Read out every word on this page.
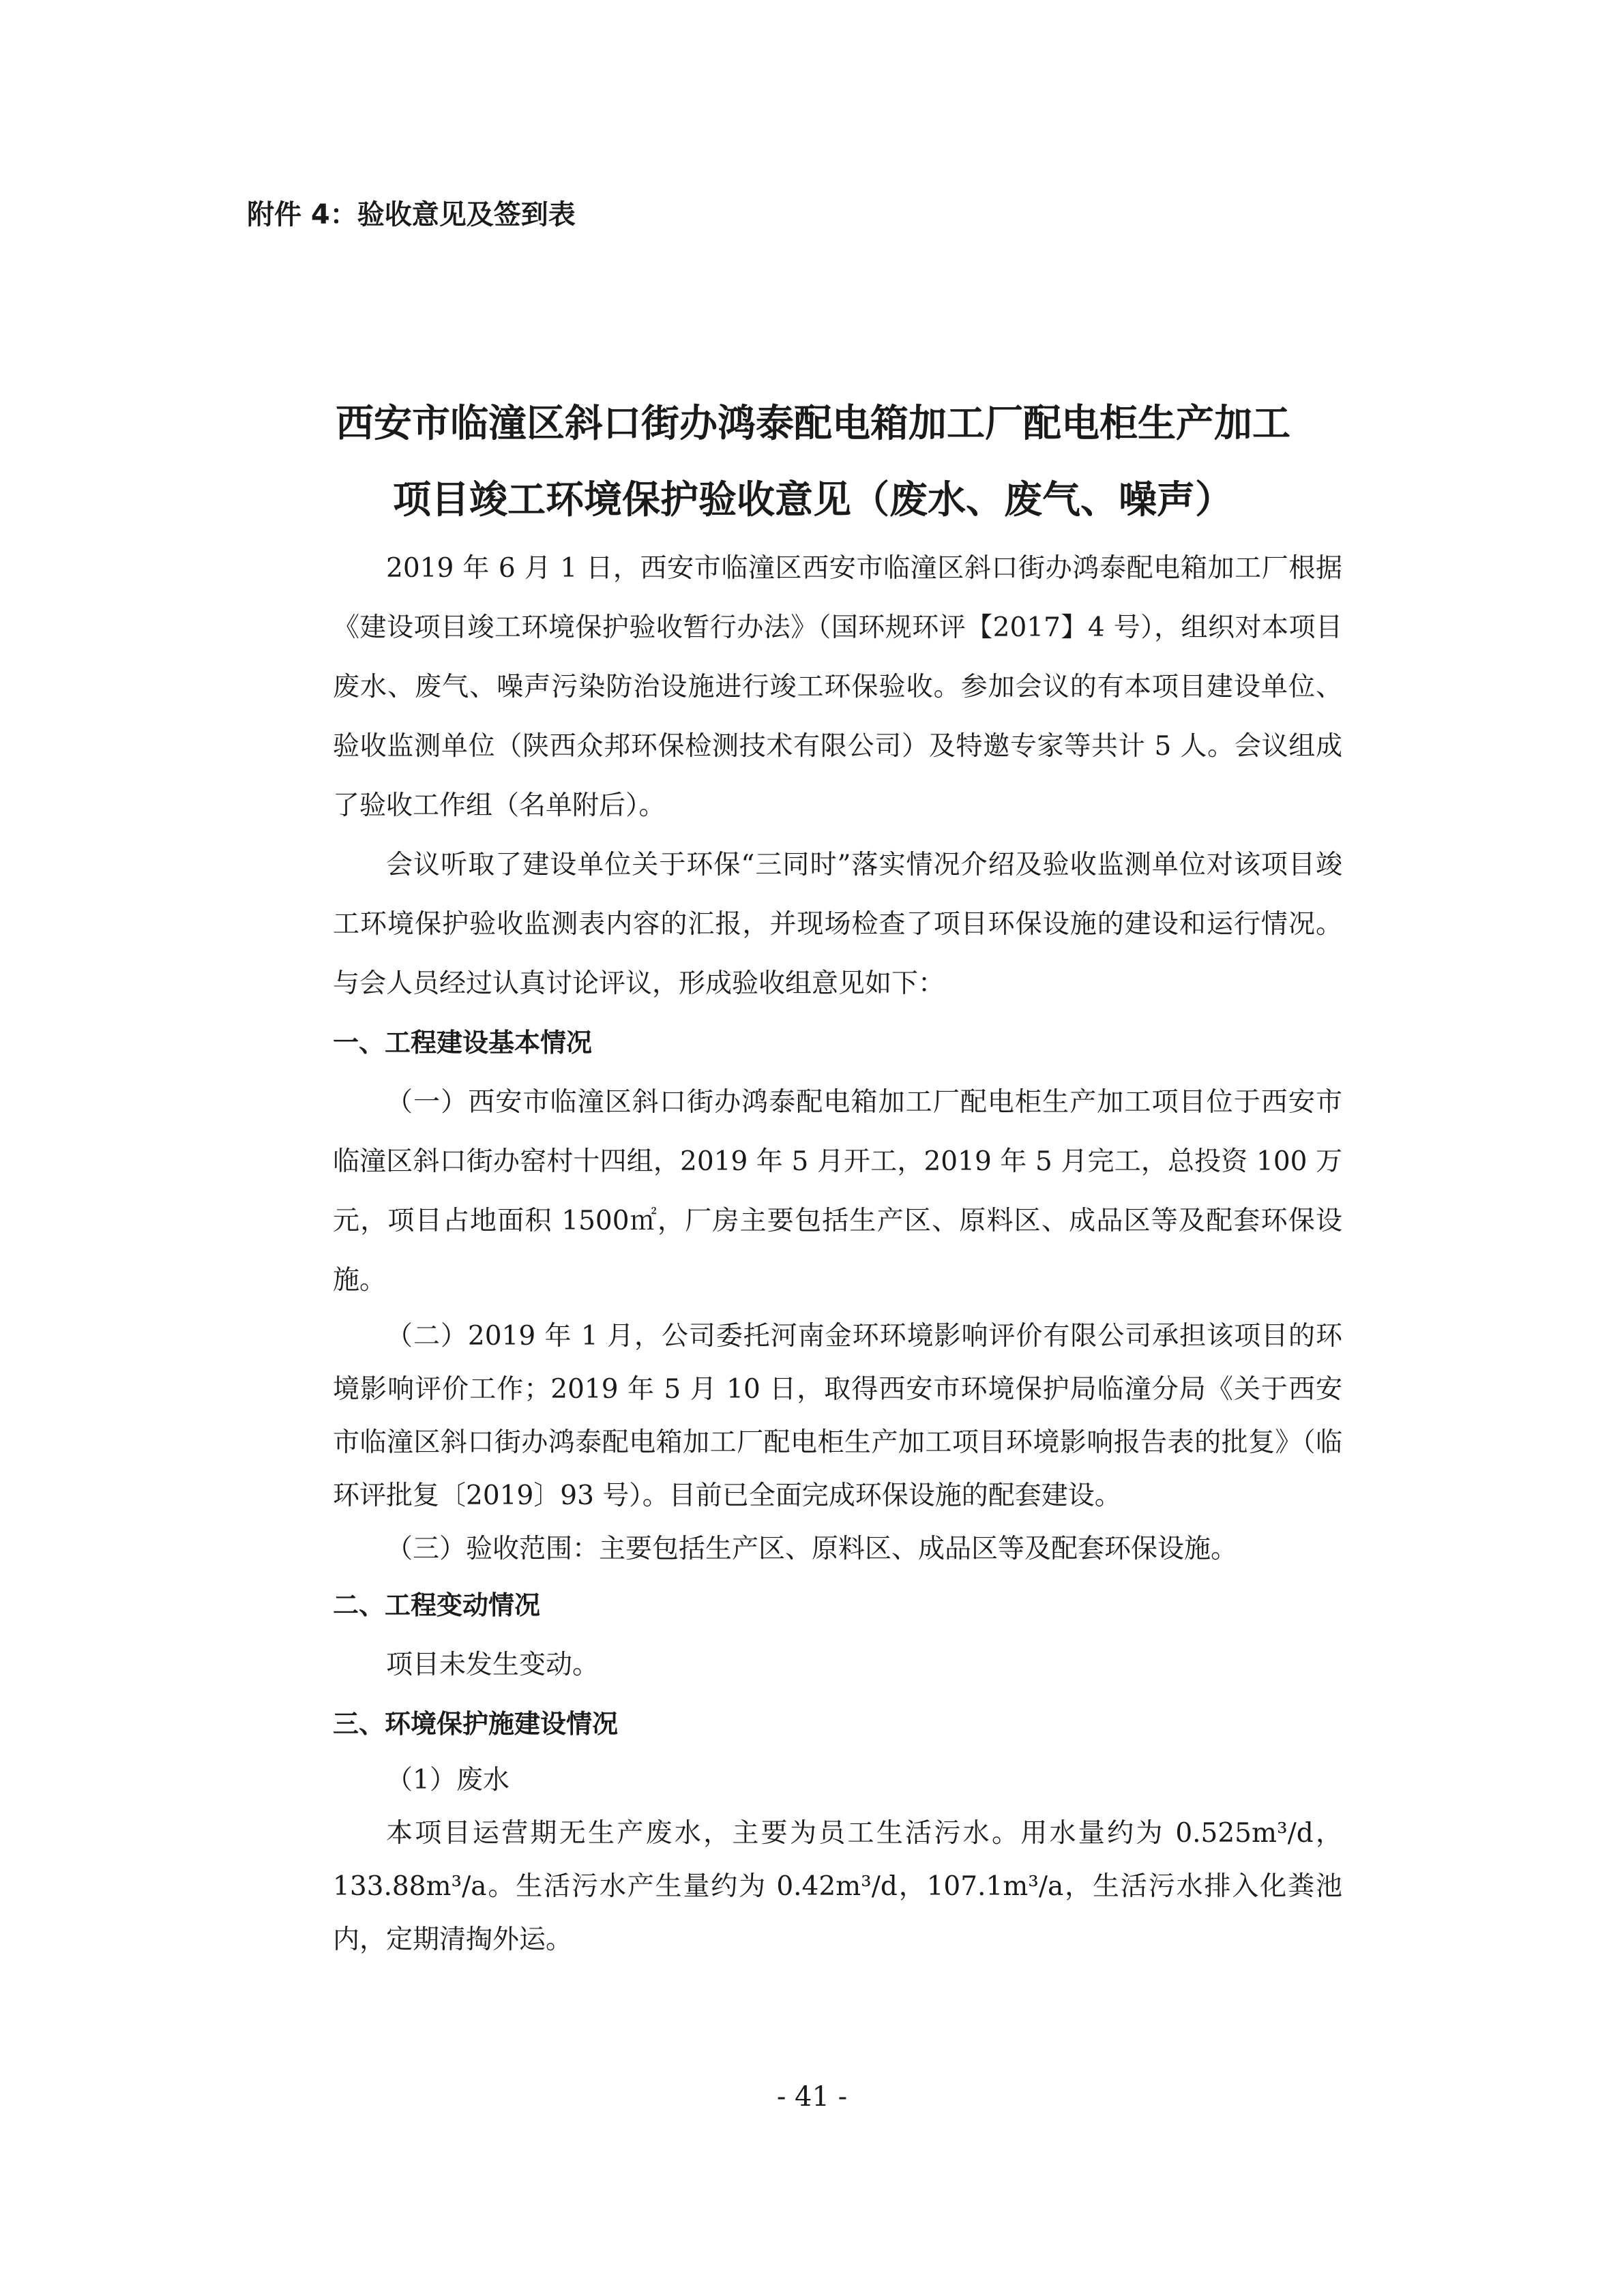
附件 4：验收意见及签到表
西安市临潼区斜口街办鸿泰配电箱加工厂配电柜生产加工
项目竣工环境保护验收意见（废水、废气、噪声）

2019 年 6 月 1 日，西安市临潼区西安市临潼区斜口街办鸿泰配电箱加工厂根据《建设项目竣工环境保护验收暂行办法》（国环规环评【2017】4 号），组织对本项目废水、废气、噪声污染防治设施进行竣工环保验收。参加会议的有本项目建设单位、验收监测单位（陕西众邦环保检测技术有限公司）及特邀专家等共计 5 人。会议组成了验收工作组（名单附后）。

会议听取了建设单位关于环保“三同时”落实情况介绍及验收监测单位对该项目竣工环境保护验收监测表内容的汇报，并现场检查了项目环保设施的建设和运行情况。与会人员经过认真讨论评议，形成验收组意见如下：

一、工程建设基本情况

（一）西安市临潼区斜口街办鸿泰配电箱加工厂配电柜生产加工项目位于西安市临潼区斜口街办窑村十四组，2019 年 5 月开工，2019 年 5 月完工，总投资 100 万元，项目占地面积 1500㎡，厂房主要包括生产区、原料区、成品区等及配套环保设施。

（二）2019 年 1 月，公司委托河南金环环境影响评价有限公司承担该项目的环境影响评价工作；2019 年 5 月 10 日，取得西安市环境保护局临潼分局《关于西安市临潼区斜口街办鸿泰配电箱加工厂配电柜生产加工项目环境影响报告表的批复》（临环评批复〔2019〕93 号）。目前已全面完成环保设施的配套建设。

（三）验收范围：主要包括生产区、原料区、成品区等及配套环保设施。

二、工程变动情况

项目未发生变动。

三、环境保护施建设情况

（1）废水

本项目运营期无生产废水，主要为员工生活污水。用水量约为 0.525m³/d，133.88m³/a。生活污水产生量约为 0.42m³/d，107.1m³/a，生活污水排入化粪池内，定期清掏外运。

- 41 -
